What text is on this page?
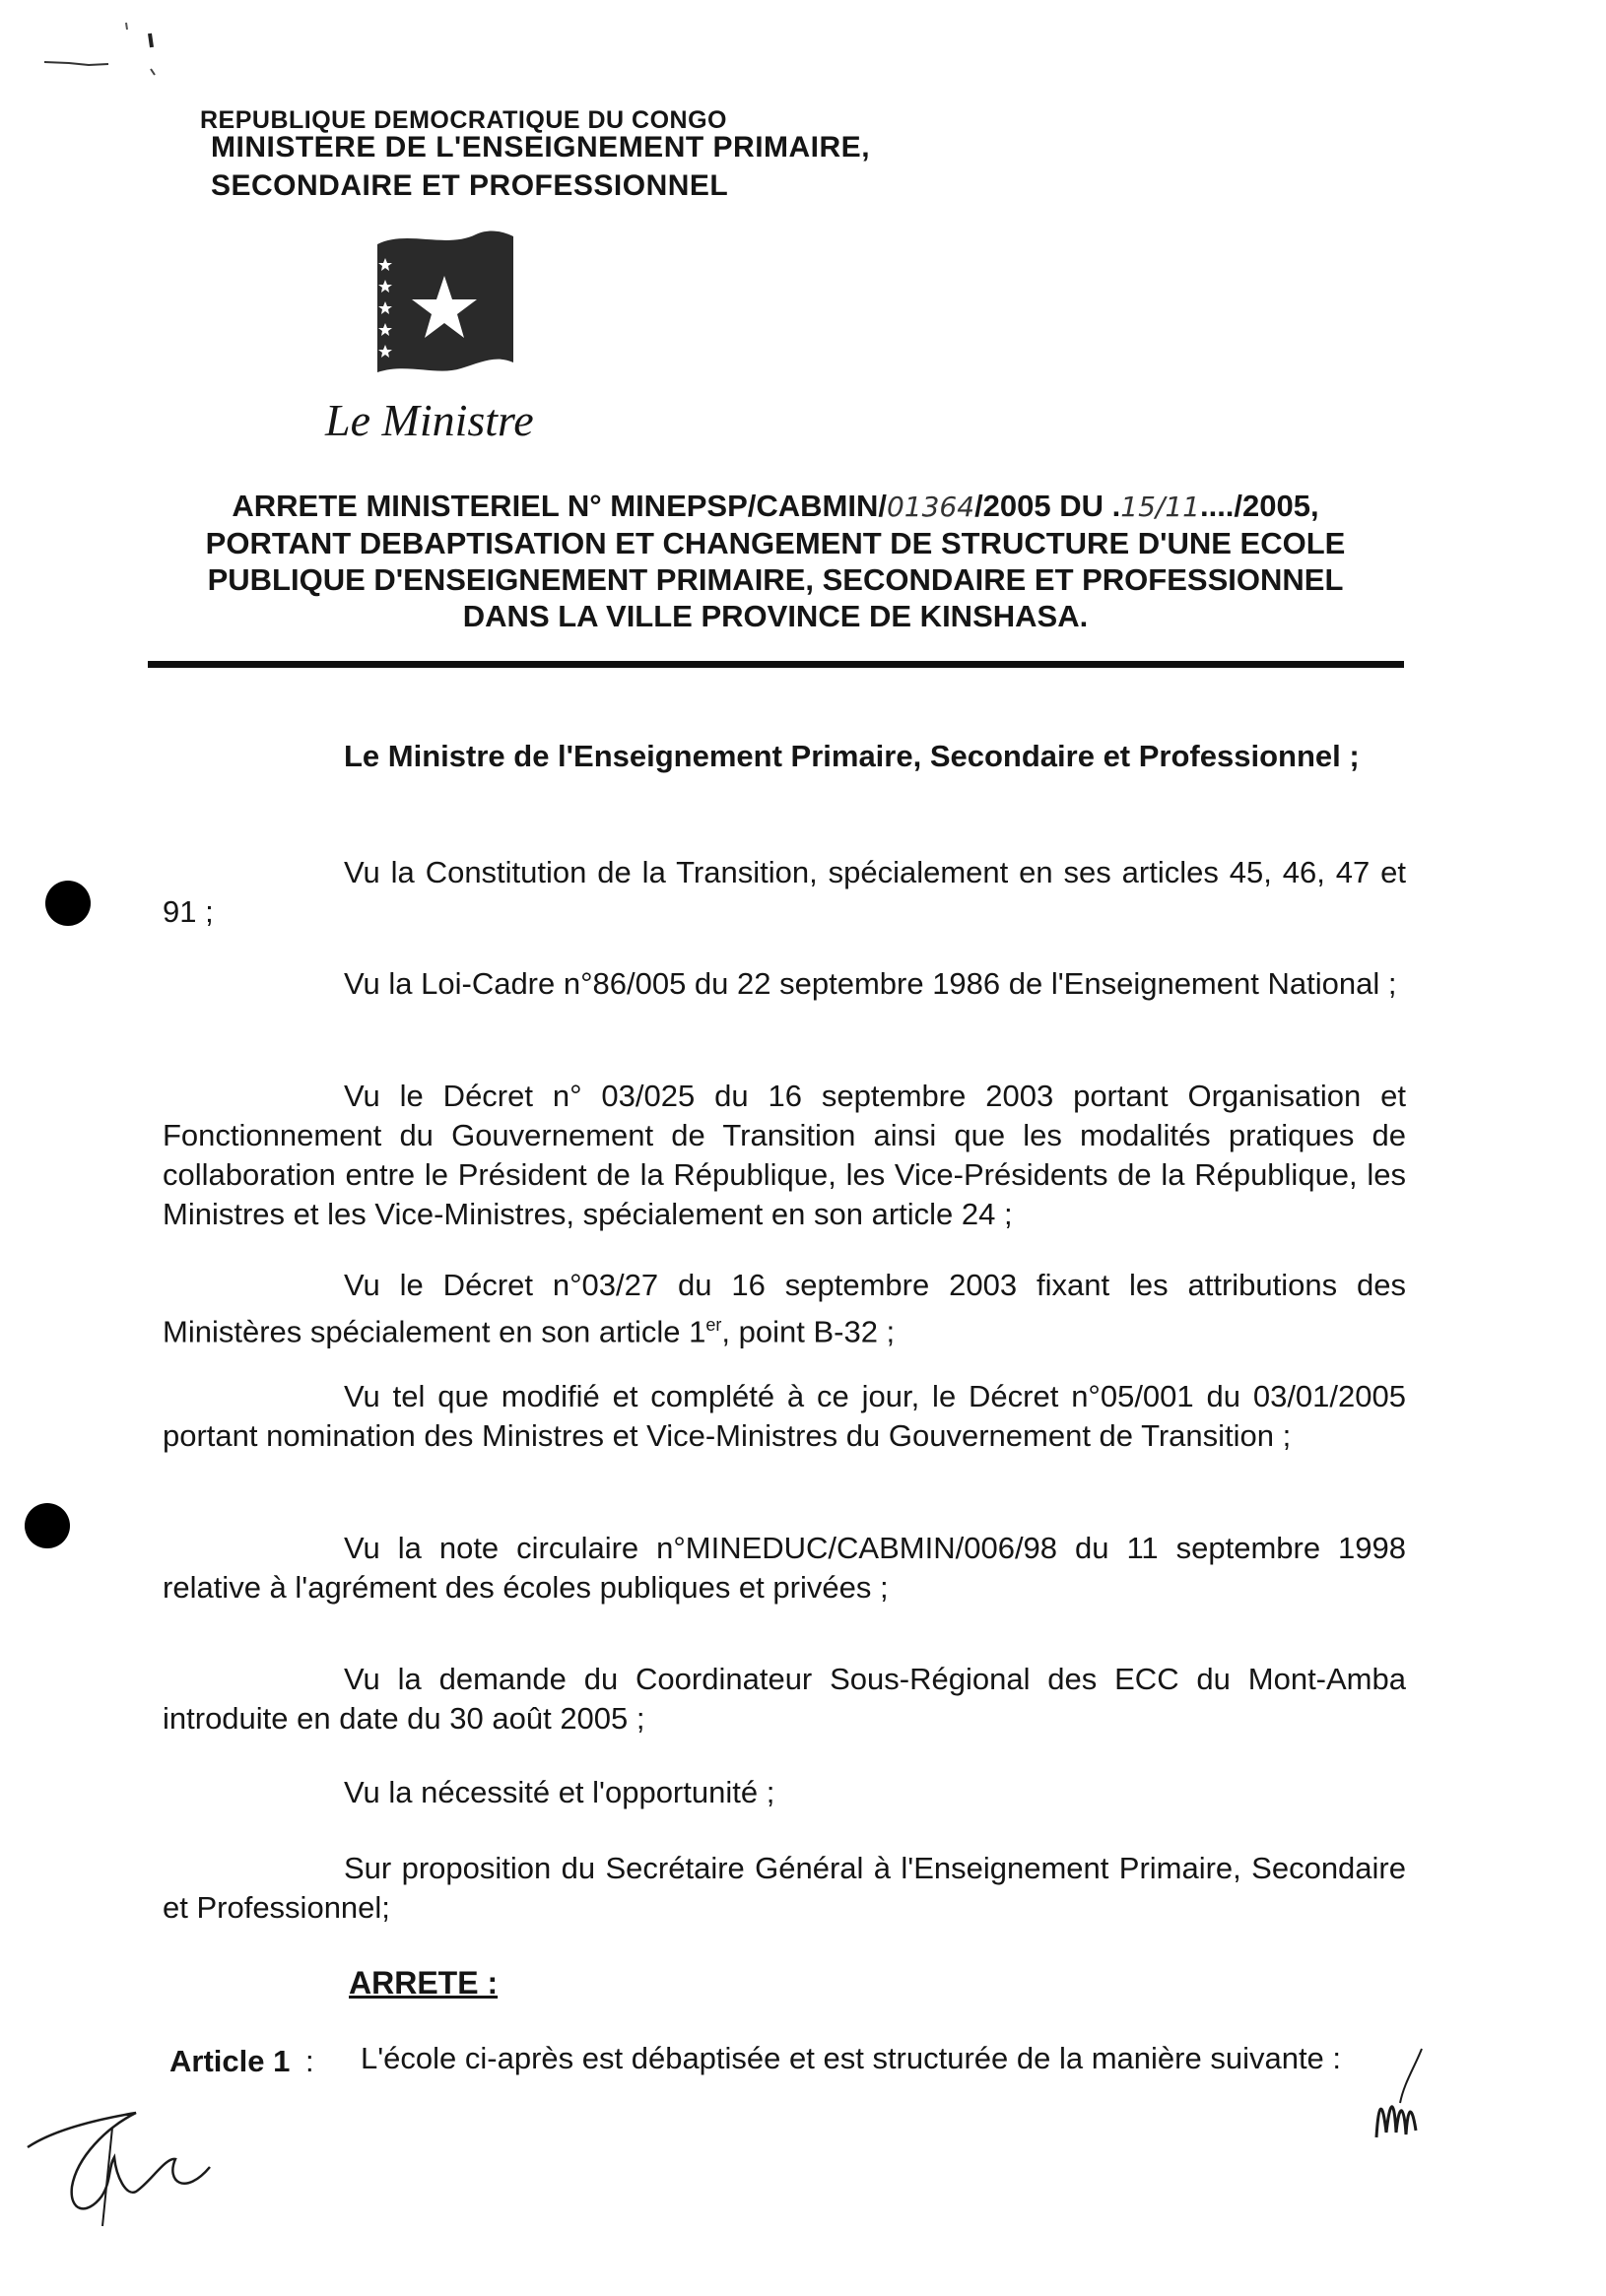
REPUBLIQUE DEMOCRATIQUE DU CONGO
MINISTERE DE L'ENSEIGNEMENT PRIMAIRE,
SECONDAIRE ET PROFESSIONNEL
Le Ministre
ARRETE MINISTERIEL N° MINEPSP/CABMIN/01364/2005 DU .15/11..../2005,
PORTANT DEBAPTISATION ET CHANGEMENT DE STRUCTURE D'UNE ECOLE
PUBLIQUE D'ENSEIGNEMENT PRIMAIRE, SECONDAIRE ET PROFESSIONNEL
DANS LA VILLE PROVINCE DE KINSHASA.
Le Ministre de l'Enseignement Primaire, Secondaire et Professionnel ;
Vu la Constitution de la Transition, spécialement en ses articles 45, 46, 47 et 91 ;
Vu la Loi-Cadre n°86/005 du 22 septembre 1986 de l'Enseignement National ;
Vu le Décret n° 03/025 du 16 septembre 2003 portant Organisation et Fonctionnement du Gouvernement de Transition ainsi que les modalités pratiques de collaboration entre le Président de la République, les Vice-Présidents de la République, les Ministres et les Vice-Ministres, spécialement en son article 24 ;
Vu le Décret n°03/27 du 16 septembre 2003 fixant les attributions des Ministères spécialement en son article 1er, point B-32 ;
Vu tel que modifié et complété à ce jour, le Décret n°05/001 du 03/01/2005 portant nomination des Ministres et Vice-Ministres du Gouvernement de Transition ;
Vu la note circulaire n°MINEDUC/CABMIN/006/98 du 11 septembre 1998 relative à l'agrément des écoles publiques et privées ;
Vu la demande du Coordinateur Sous-Régional des ECC du Mont-Amba introduite en date du 30 août 2005 ;
Vu la nécessité et l'opportunité ;
Sur proposition du Secrétaire Général à l'Enseignement Primaire, Secondaire et Professionnel;
ARRETE :
Article 1 : L'école ci-après est débaptisée et est structurée de la manière suivante :
